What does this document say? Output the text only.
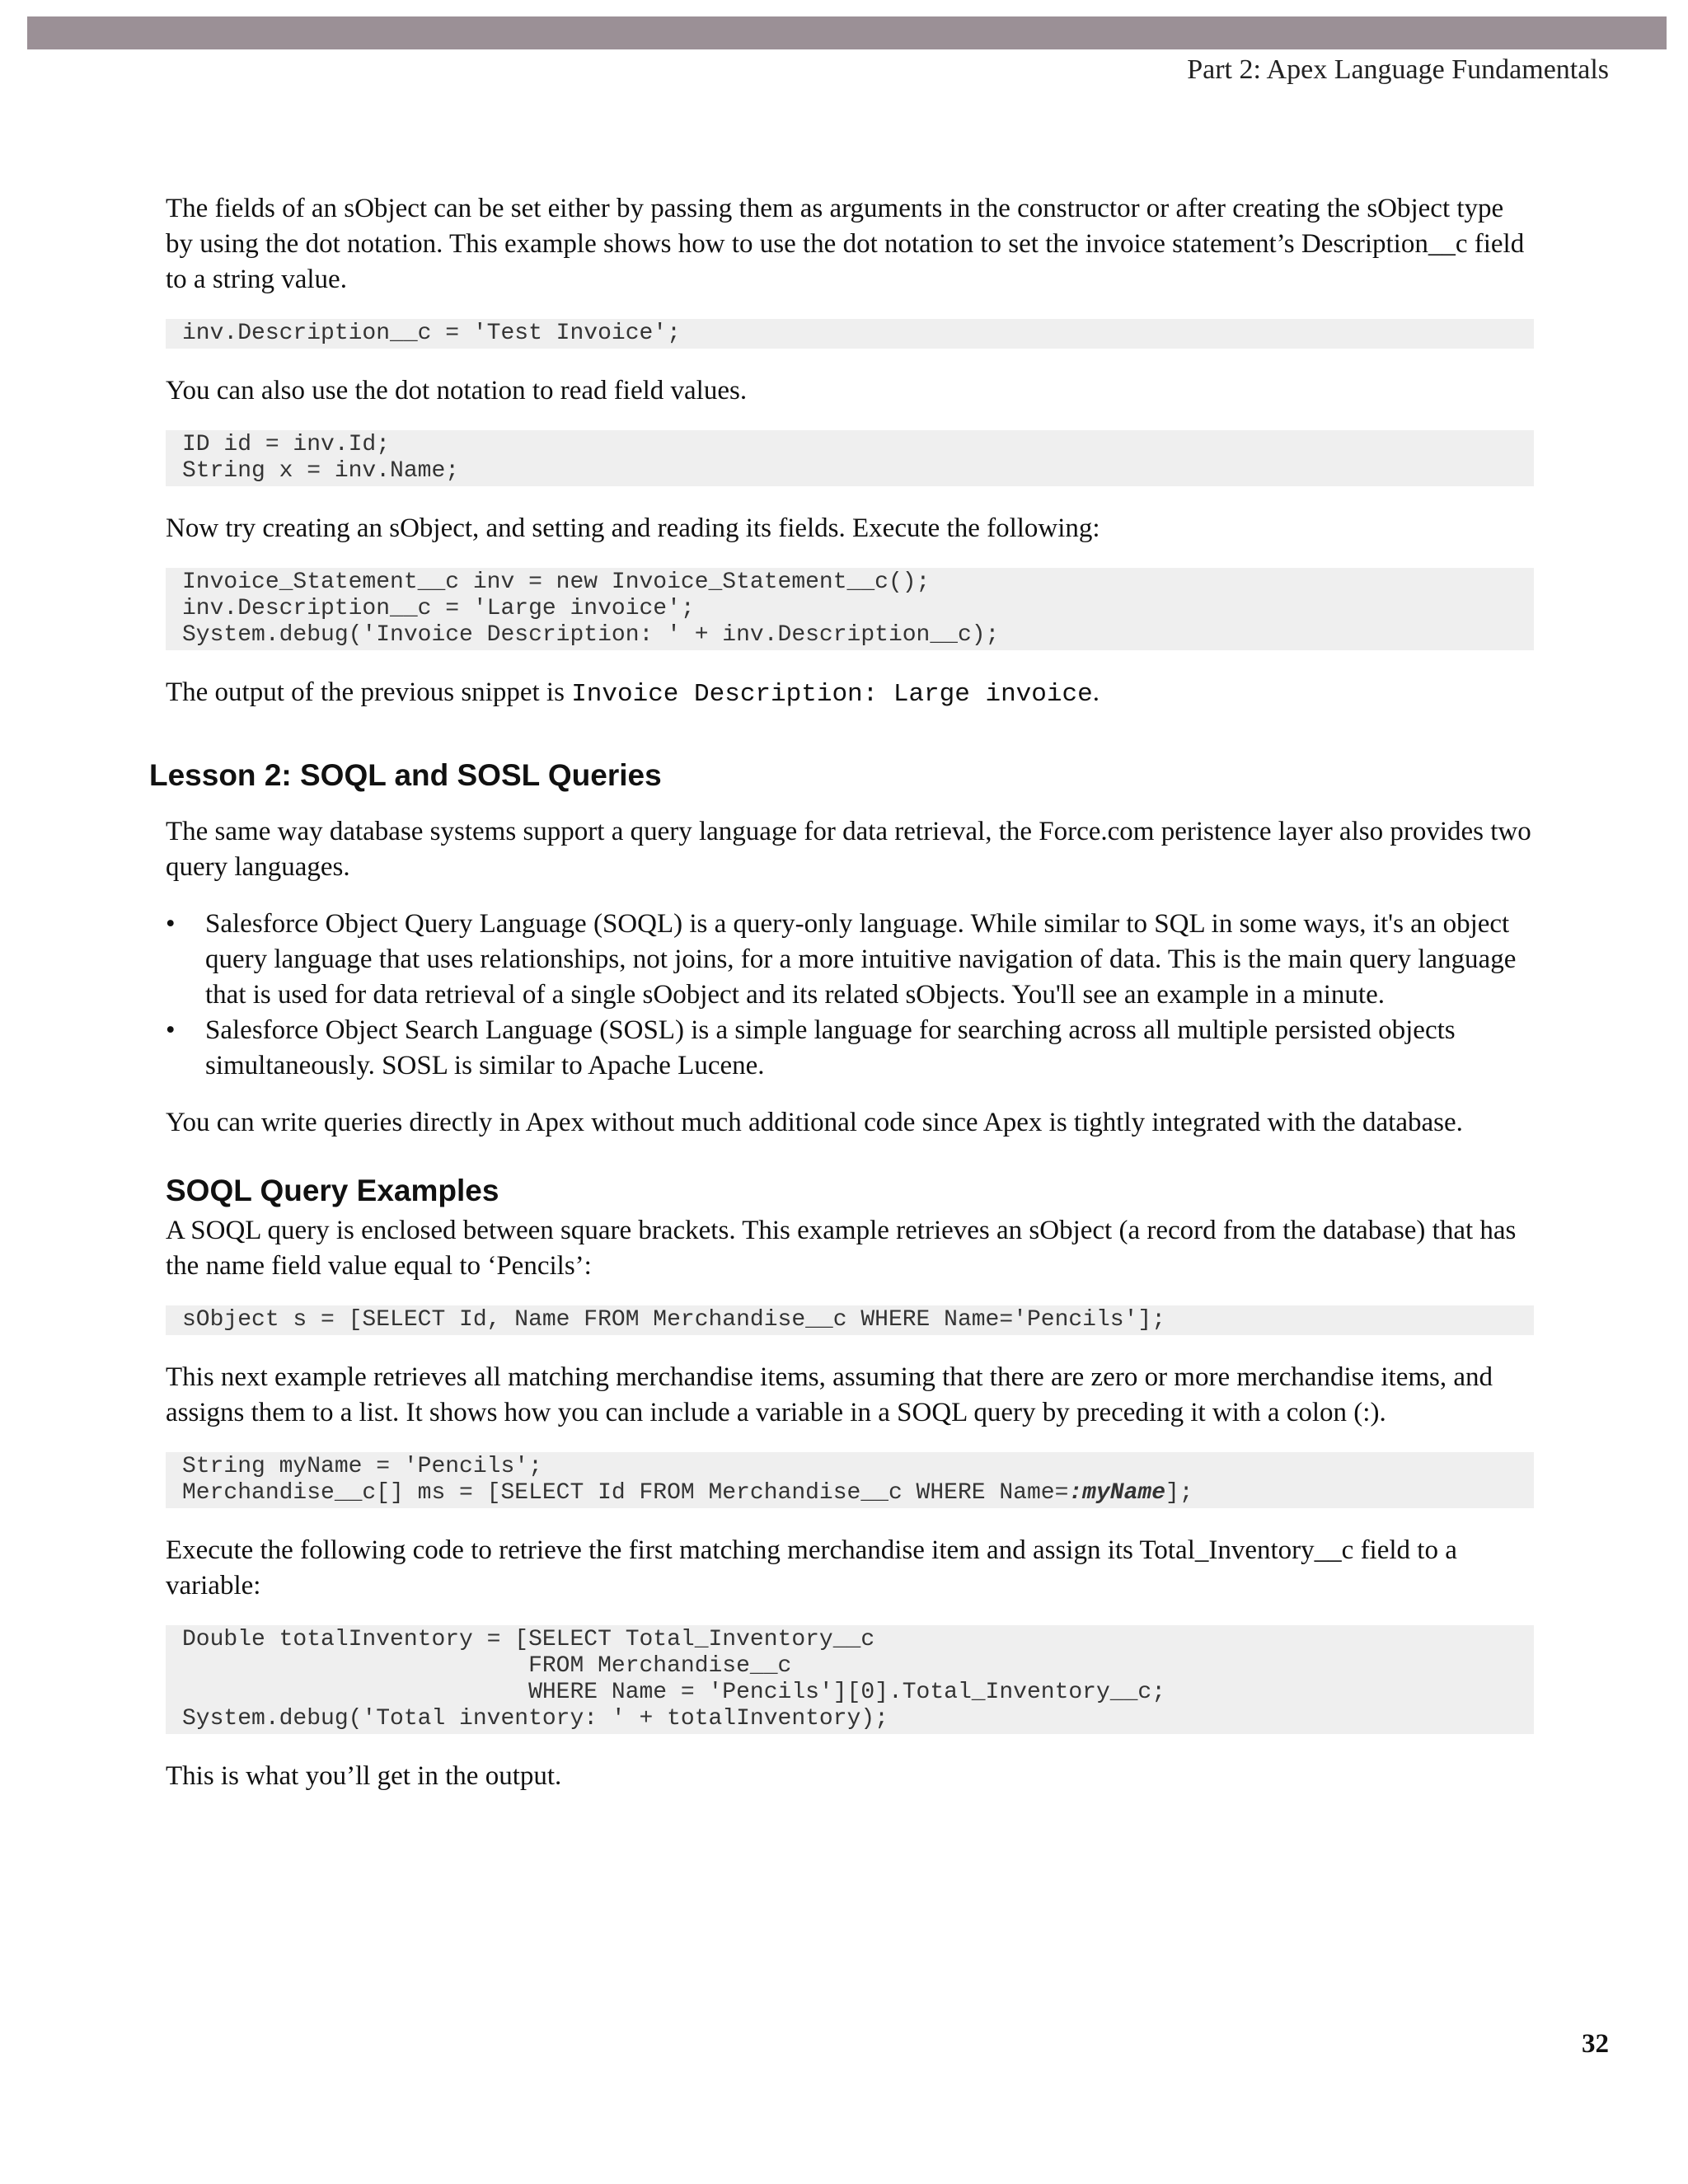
Part 2: Apex Language Fundamentals

The fields of an sObject can be set either by passing them as arguments in the constructor or after creating the sObject type by using the dot notation. This example shows how to use the dot notation to set the invoice statement’s Description__c field to a string value.

inv.Description__c = 'Test Invoice';

You can also use the dot notation to read field values.

ID id = inv.Id;
String x = inv.Name;

Now try creating an sObject, and setting and reading its fields. Execute the following:

Invoice_Statement__c inv = new Invoice_Statement__c();
inv.Description__c = 'Large invoice';
System.debug('Invoice Description: ' + inv.Description__c);

The output of the previous snippet is Invoice Description: Large invoice.

Lesson 2: SOQL and SOSL Queries

The same way database systems support a query language for data retrieval, the Force.com peristence layer also provides two query languages.

•	Salesforce Object Query Language (SOQL) is a query-only language. While similar to SQL in some ways, it's an object query language that uses relationships, not joins, for a more intuitive navigation of data. This is the main query language that is used for data retrieval of a single sOobject and its related sObjects. You'll see an example in a minute.
•	Salesforce Object Search Language (SOSL) is a simple language for searching across all multiple persisted objects simultaneously. SOSL is similar to Apache Lucene.

You can write queries directly in Apex without much additional code since Apex is tightly integrated with the database.

SOQL Query Examples

A SOQL query is enclosed between square brackets. This example retrieves an sObject (a record from the database) that has the name field value equal to ‘Pencils’:

sObject s = [SELECT Id, Name FROM Merchandise__c WHERE Name='Pencils'];

This next example retrieves all matching merchandise items, assuming that there are zero or more merchandise items, and assigns them to a list. It shows how you can include a variable in a SOQL query by preceding it with a colon (:).

String myName = 'Pencils';
Merchandise__c[] ms = [SELECT Id FROM Merchandise__c WHERE Name=:myName];

Execute the following code to retrieve the first matching merchandise item and assign its Total_Inventory__c field to a variable:

Double totalInventory = [SELECT Total_Inventory__c
FROM Merchandise__c
WHERE Name = 'Pencils'][0].Total_Inventory__c;
System.debug('Total inventory: ' + totalInventory);

This is what you’ll get in the output.

32
